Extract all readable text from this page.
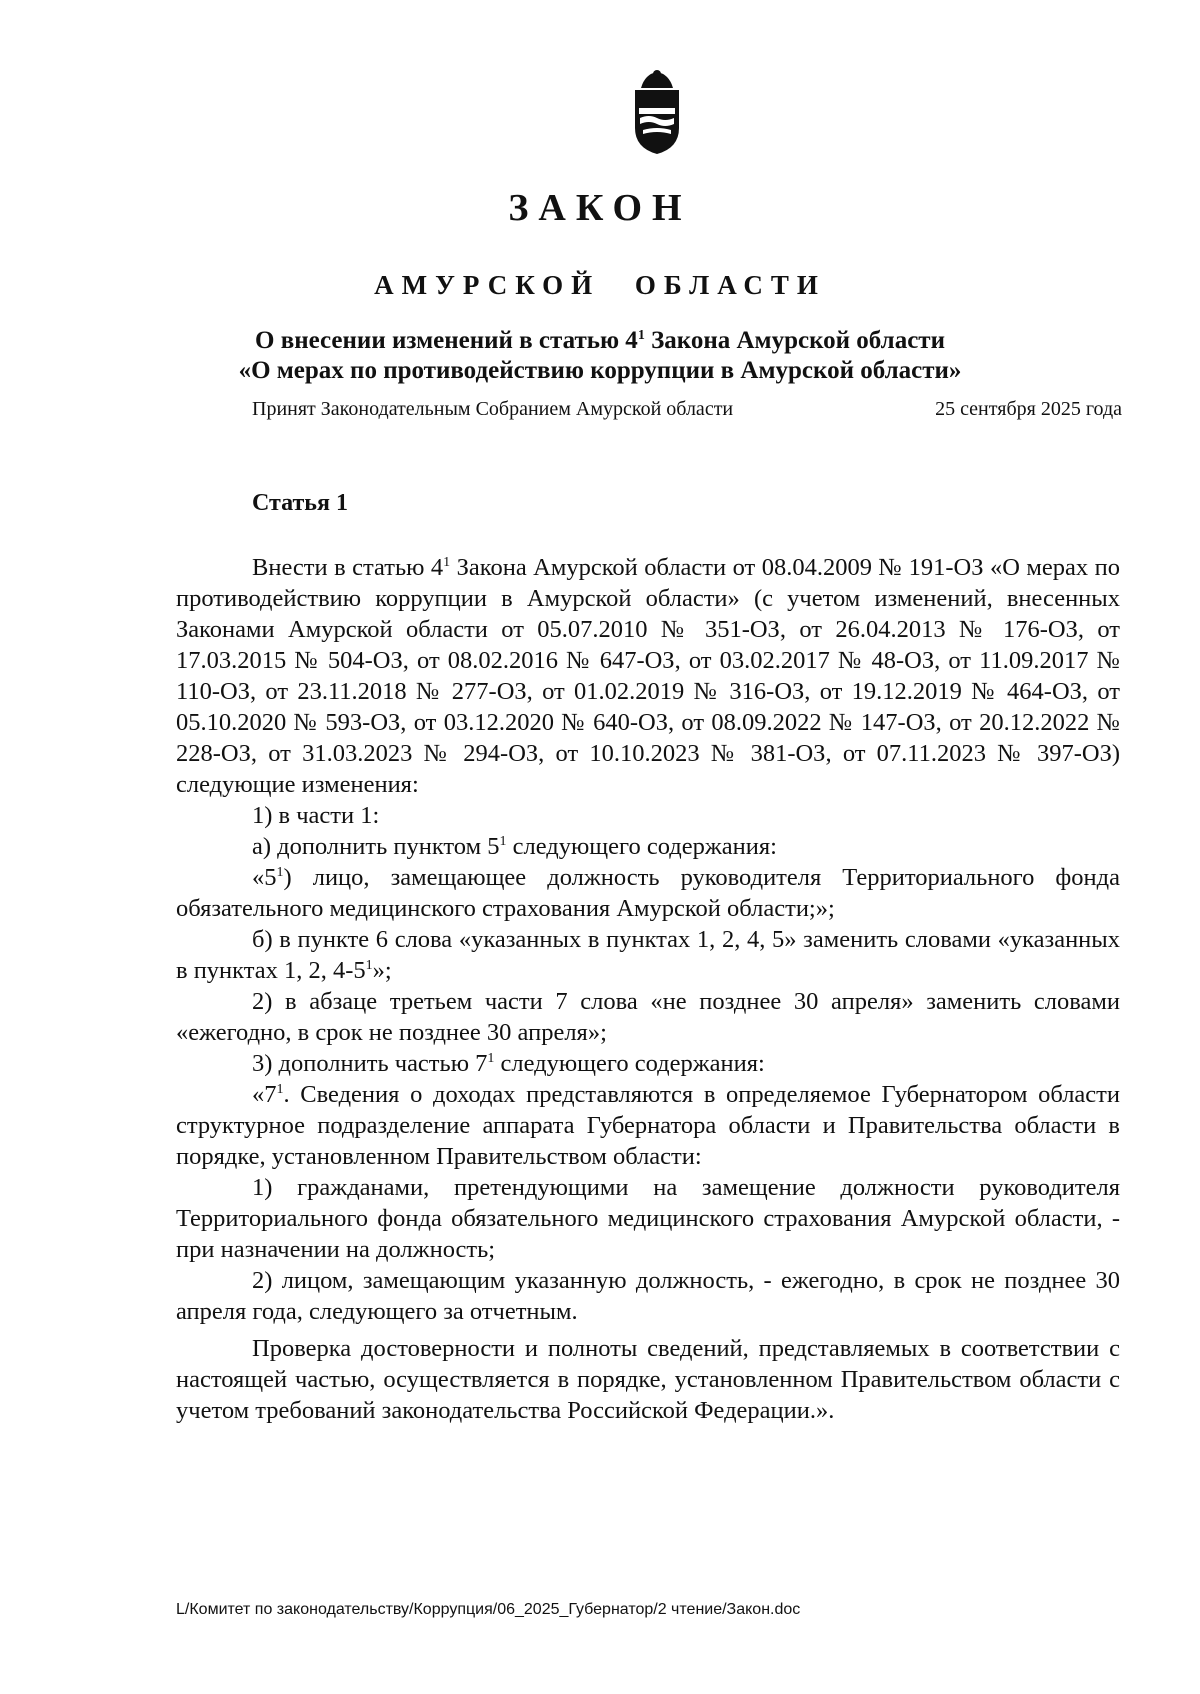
ЗАКОН
АМУРСКОЙ ОБЛАСТИ
О внесении изменений в статью $4^1$ Закона Амурской области
«О мерах по противодействию коррупции в Амурской области»
Принят Законодательным Собранием Амурской области	25 сентября 2025 года
Статья 1

Внести в статью $4^1$ Закона Амурской области от 08.04.2009 № 191-ОЗ «О мерах по противодействию коррупции в Амурской области» (с учетом изменений, внесенных Законами Амурской области от 05.07.2010 № 351-ОЗ, от 26.04.2013 № 176-ОЗ, от 17.03.2015 № 504-ОЗ, от 08.02.2016 № 647-ОЗ, от 03.02.2017 № 48-ОЗ, от 11.09.2017 № 110-ОЗ, от 23.11.2018 № 277-ОЗ, от 01.02.2019 № 316-ОЗ, от 19.12.2019 № 464-ОЗ, от 05.10.2020 № 593-ОЗ, от 03.12.2020 № 640-ОЗ, от 08.09.2022 № 147-ОЗ, от 20.12.2022 № 228-ОЗ, от 31.03.2023 № 294-ОЗ, от 10.10.2023 № 381-ОЗ, от 07.11.2023 № 397-ОЗ) следующие изменения:

1) в части 1:

а) дополнить пунктом $5^1$ следующего содержания:

«$5^1$) лицо, замещающее должность руководителя Территориального фонда обязательного медицинского страхования Амурской области;»;

б) в пункте 6 слова «указанных в пунктах 1, 2, 4, 5» заменить словами «указанных в пунктах 1, 2, $4-5^1$»;

2) в абзаце третьем части 7 слова «не позднее 30 апреля» заменить словами «ежегодно, в срок не позднее 30 апреля»;

3) дополнить частью $7^1$ следующего содержания:

«$7^1$. Сведения о доходах представляются в определяемое Губернатором области структурное подразделение аппарата Губернатора области и Правительства области в порядке, установленном Правительством области:

1) гражданами, претендующими на замещение должности руководителя Территориального фонда обязательного медицинского страхования Амурской области, - при назначении на должность;

2) лицом, замещающим указанную должность, - ежегодно, в срок не позднее 30 апреля года, следующего за отчетным.

Проверка достоверности и полноты сведений, представляемых в соответствии с настоящей частью, осуществляется в порядке, установленном Правительством области с учетом требований законодательства Российской Федерации.».

L/Комитет по законодательству/Коррупция/06_2025_Губернатор/2 чтение/Закон.doc
